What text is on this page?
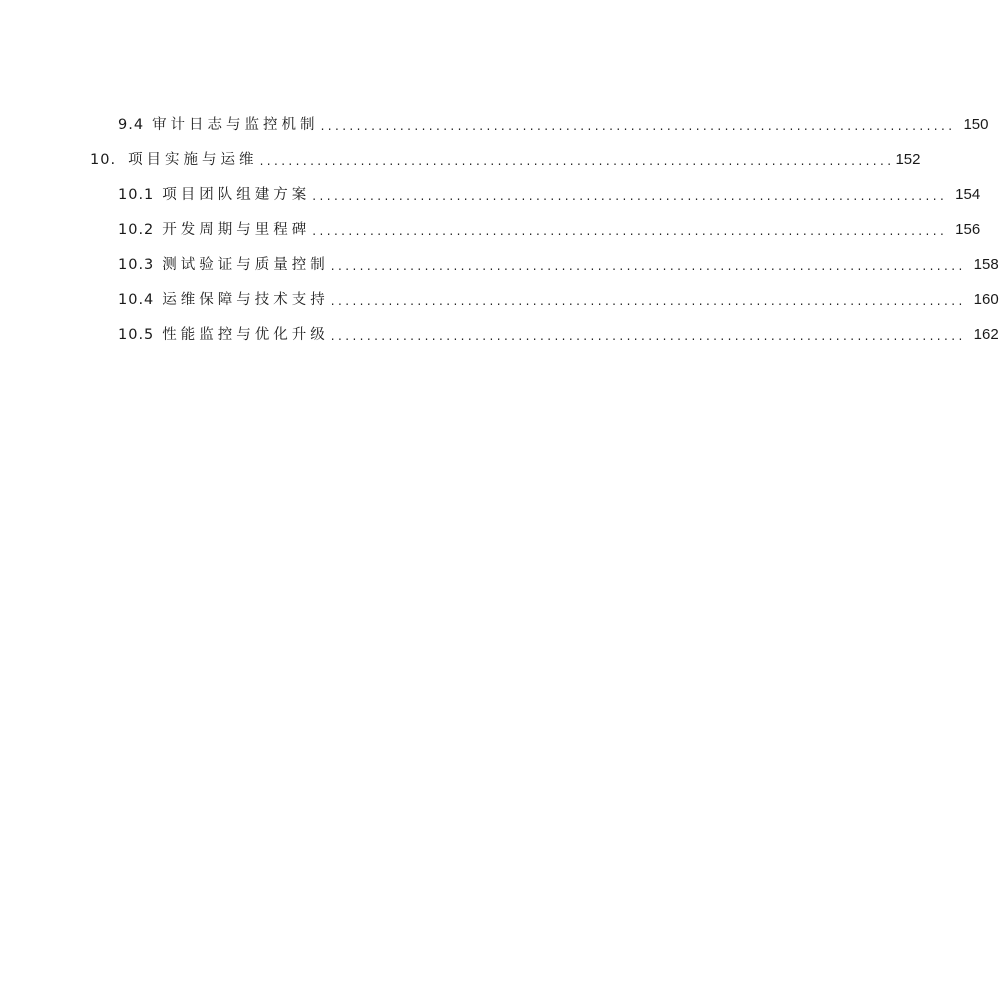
9.4 审计日志与监控机制 ........................................................................................ 150
10. 项目实施与运维 ........................................................................................ 152
10.1 项目团队组建方案 ........................................................................................ 154
10.2 开发周期与里程碑 ........................................................................................ 156
10.3 测试验证与质量控制 ........................................................................................ 158
10.4 运维保障与技术支持 ........................................................................................ 160
10.5 性能监控与优化升级 ........................................................................................ 162
